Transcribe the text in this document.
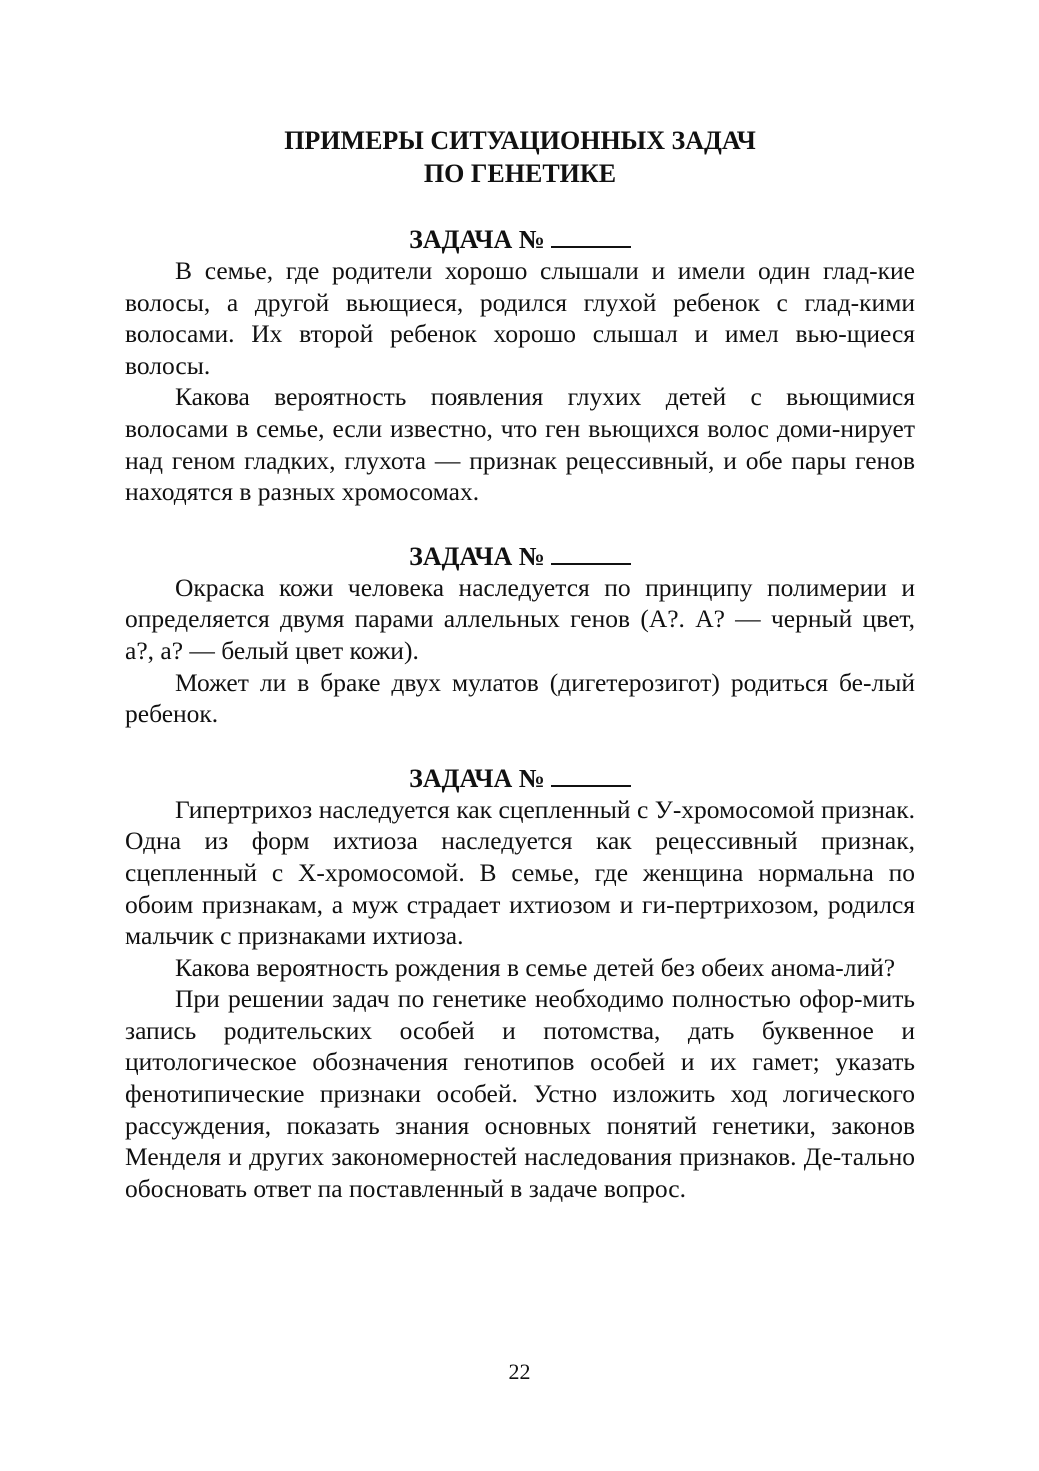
ПРИМЕРЫ СИТУАЦИОННЫХ ЗАДАЧ
ПО ГЕНЕТИКЕ
ЗАДАЧА №

В семье, где родители хорошо слышали и имели один глад-кие волосы, а другой вьющиеся, родился глухой ребенок с глад-кими волосами. Их второй ребенок хорошо слышал и имел вью-щиеся волосы.

Какова вероятность появления глухих детей с вьющимися волосами в семье, если известно, что ген вьющихся волос доми-нирует над геном гладких, глухота — признак рецессивный, и обе пары генов находятся в разных хромосомах.

ЗАДАЧА №

Окраска кожи человека наследуется по принципу полимерии и определяется двумя парами аллельных генов (А?. А? — черный цвет, а?, а? — белый цвет кожи).

Может ли в браке двух мулатов (дигетерозигот) родиться бе-лый ребенок.

ЗАДАЧА №

Гипертрихоз наследуется как сцепленный с У-хромосомой признак. Одна из форм ихтиоза наследуется как рецессивный признак, сцепленный с Х-хромосомой. В семье, где женщина нормальна по обоим признакам, а муж страдает ихтиозом и ги-пертрихозом, родился мальчик с признаками ихтиоза.

Какова вероятность рождения в семье детей без обеих анома-лий?

При решении задач по генетике необходимо полностью офор-мить запись родительских особей и потомства, дать буквенное и цитологическое обозначения генотипов особей и их гамет; указать фенотипические признаки особей. Устно изложить ход логического рассуждения, показать знания основных понятий генетики, законов Менделя и других закономерностей наследования признаков. Де-тально обосновать ответ па поставленный в задаче вопрос.

22
